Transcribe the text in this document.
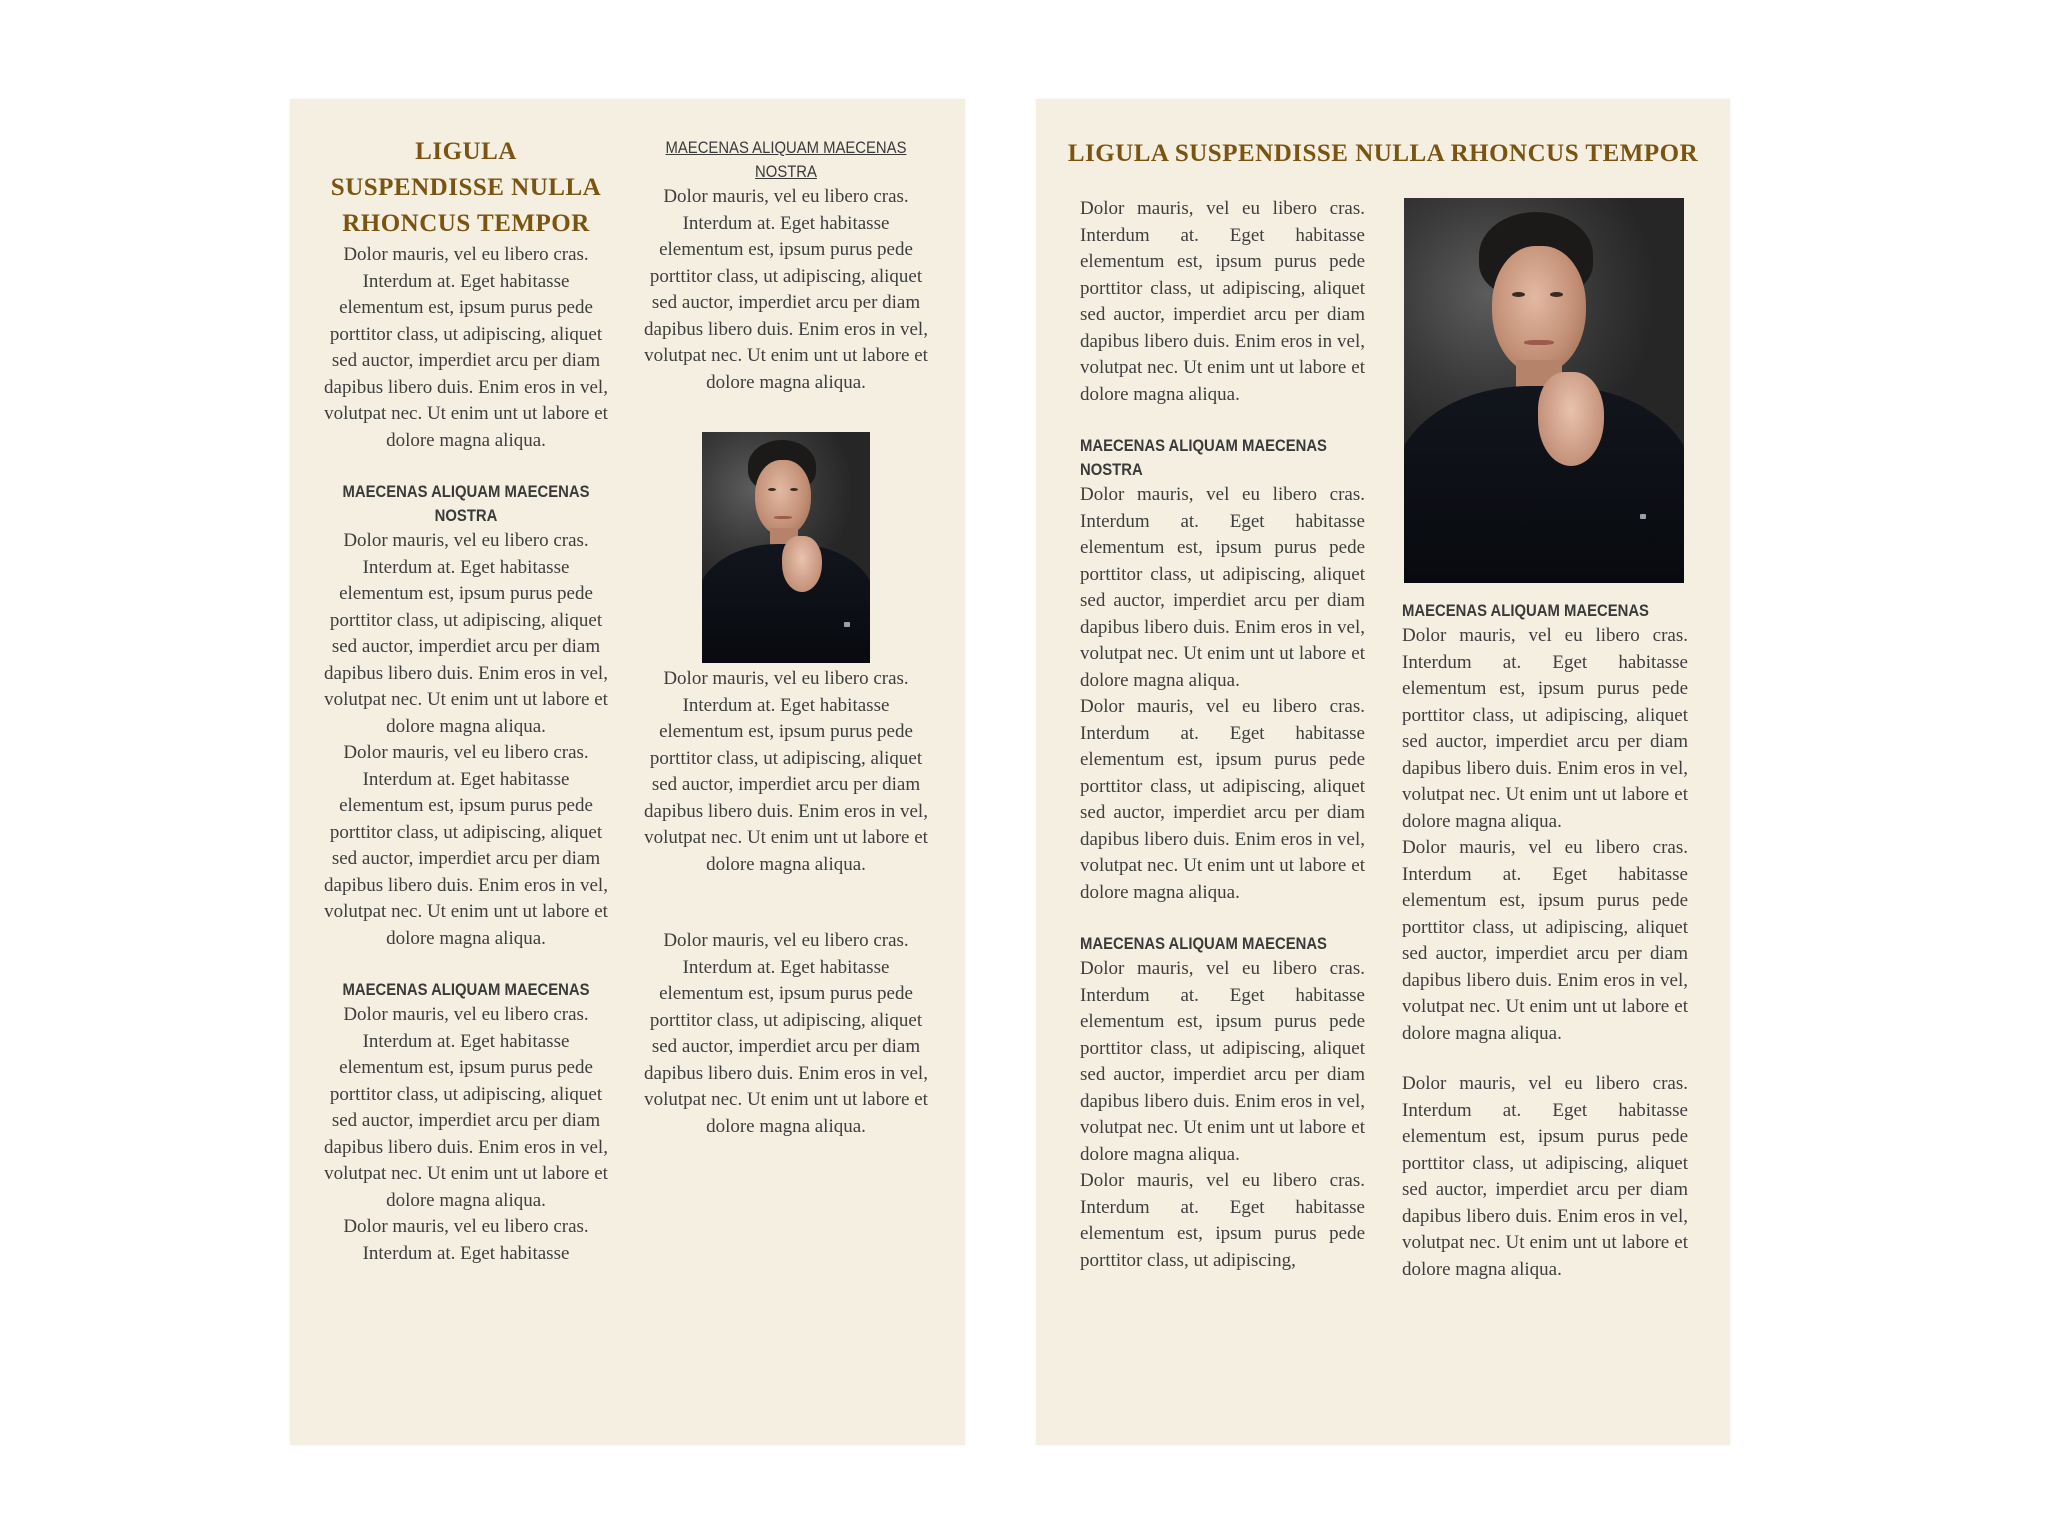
LIGULA
SUSPENDISSE NULLA
RHONCUS TEMPOR

Dolor mauris, vel eu libero cras. Interdum at. Eget habitasse elementum est, ipsum purus pede porttitor class, ut adipiscing, aliquet sed auctor, imperdiet arcu per diam dapibus libero duis. Enim eros in vel, volutpat nec. Ut enim unt ut labore et dolore magna aliqua.

MAECENAS ALIQUAM MAECENAS
NOSTRA

Dolor mauris, vel eu libero cras. Interdum at. Eget habitasse elementum est, ipsum purus pede porttitor class, ut adipiscing, aliquet sed auctor, imperdiet arcu per diam dapibus libero duis. Enim eros in vel, volutpat nec. Ut enim unt ut labore et dolore magna aliqua.

Dolor mauris, vel eu libero cras. Interdum at. Eget habitasse elementum est, ipsum purus pede porttitor class, ut adipiscing, aliquet sed auctor, imperdiet arcu per diam dapibus libero duis. Enim eros in vel, volutpat nec. Ut enim unt ut labore et dolore magna aliqua.

MAECENAS ALIQUAM MAECENAS

Dolor mauris, vel eu libero cras. Interdum at. Eget habitasse elementum est, ipsum purus pede porttitor class, ut adipiscing, aliquet sed auctor, imperdiet arcu per diam dapibus libero duis. Enim eros in vel, volutpat nec. Ut enim unt ut labore et dolore magna aliqua.

Dolor mauris, vel eu libero cras. Interdum at. Eget habitasse

MAECENAS ALIQUAM MAECENAS
NOSTRA

Dolor mauris, vel eu libero cras. Interdum at. Eget habitasse elementum est, ipsum purus pede porttitor class, ut adipiscing, aliquet sed auctor, imperdiet arcu per diam dapibus libero duis. Enim eros in vel, volutpat nec. Ut enim unt ut labore et dolore magna aliqua.

Dolor mauris, vel eu libero cras. Interdum at. Eget habitasse elementum est, ipsum purus pede porttitor class, ut adipiscing, aliquet sed auctor, imperdiet arcu per diam dapibus libero duis. Enim eros in vel, volutpat nec. Ut enim unt ut labore et dolore magna aliqua.

Dolor mauris, vel eu libero cras. Interdum at. Eget habitasse elementum est, ipsum purus pede porttitor class, ut adipiscing, aliquet sed auctor, imperdiet arcu per diam dapibus libero duis. Enim eros in vel, volutpat nec. Ut enim unt ut labore et dolore magna aliqua.

LIGULA SUSPENDISSE NULLA RHONCUS TEMPOR

Dolor mauris, vel eu libero cras. Interdum at. Eget habitasse elementum est, ipsum purus pede porttitor class, ut adipiscing, aliquet sed auctor, imperdiet arcu per diam dapibus libero duis. Enim eros in vel, volutpat nec. Ut enim unt ut labore et dolore magna aliqua.

MAECENAS ALIQUAM MAECENAS
NOSTRA

Dolor mauris, vel eu libero cras. Interdum at. Eget habitasse elementum est, ipsum purus pede porttitor class, ut adipiscing, aliquet sed auctor, imperdiet arcu per diam dapibus libero duis. Enim eros in vel, volutpat nec. Ut enim unt ut labore et dolore magna aliqua.

Dolor mauris, vel eu libero cras. Interdum at. Eget habitasse elementum est, ipsum purus pede porttitor class, ut adipiscing, aliquet sed auctor, imperdiet arcu per diam dapibus libero duis. Enim eros in vel, volutpat nec. Ut enim unt ut labore et dolore magna aliqua.

MAECENAS ALIQUAM MAECENAS

Dolor mauris, vel eu libero cras. Interdum at. Eget habitasse elementum est, ipsum purus pede porttitor class, ut adipiscing, aliquet sed auctor, imperdiet arcu per diam dapibus libero duis. Enim eros in vel, volutpat nec. Ut enim unt ut labore et dolore magna aliqua.

Dolor mauris, vel eu libero cras. Interdum at. Eget habitasse elementum est, ipsum purus pede porttitor class, ut adipiscing,

MAECENAS ALIQUAM MAECENAS

Dolor mauris, vel eu libero cras. Interdum at. Eget habitasse elementum est, ipsum purus pede porttitor class, ut adipiscing, aliquet sed auctor, imperdiet arcu per diam dapibus libero duis. Enim eros in vel, volutpat nec. Ut enim unt ut labore et dolore magna aliqua.

Dolor mauris, vel eu libero cras. Interdum at. Eget habitasse elementum est, ipsum purus pede porttitor class, ut adipiscing, aliquet sed auctor, imperdiet arcu per diam dapibus libero duis. Enim eros in vel, volutpat nec. Ut enim unt ut labore et dolore magna aliqua.

Dolor mauris, vel eu libero cras. Interdum at. Eget habitasse elementum est, ipsum purus pede porttitor class, ut adipiscing, aliquet sed auctor, imperdiet arcu per diam dapibus libero duis. Enim eros in vel, volutpat nec. Ut enim unt ut labore et dolore magna aliqua.
